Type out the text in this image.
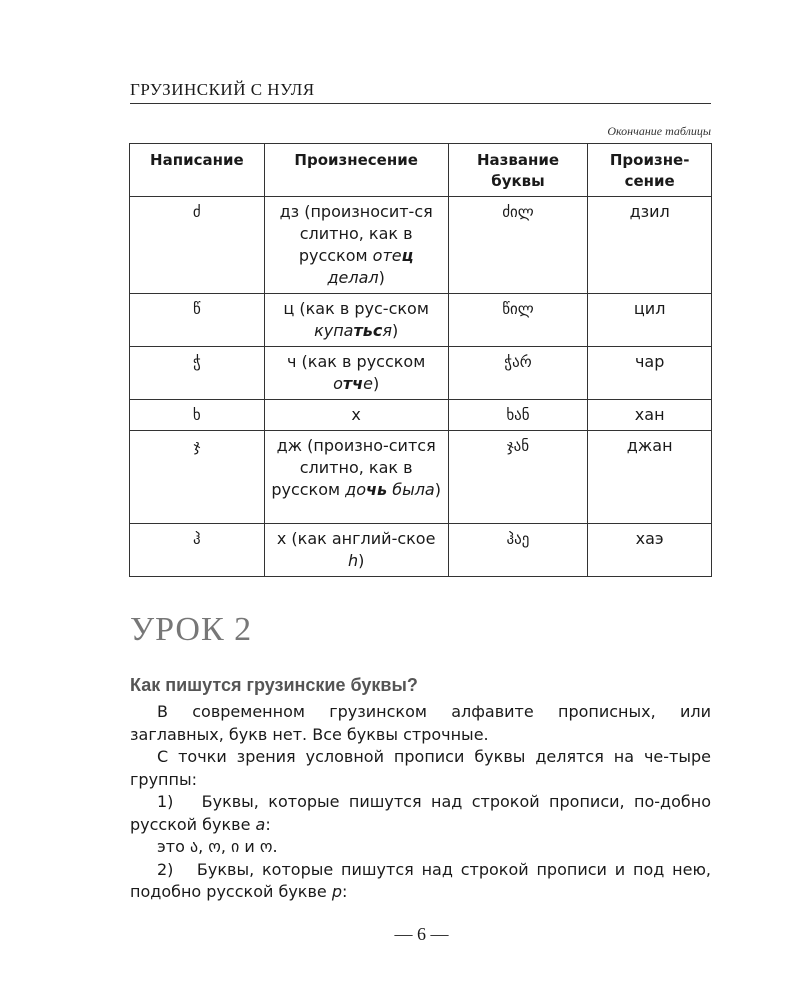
ГРУЗИНСКИЙ С НУЛЯ
Окончание таблицы
Написание	Произнесение	Название буквы	Произне-сение
ძ	дз (произносит-ся слитно, как в русском отец делал)	ძილ	дзил
წ	ц (как в рус-ском купаться)	წილ	цил
ჭ	ч (как в русском отче)	ჭარ	чар
ხ	х	ხან	хан
ჯ	дж (произно-сится слитно, как в русском дочь была)	ჯან	джан
ჰ	х (как англий-ское h)	ჰაე	хаэ
УРОК 2
Как пишутся грузинские буквы?

В современном грузинском алфавите прописных, или заглавных, букв нет. Все буквы строчные.

С точки зрения условной прописи буквы делятся на че-тыре группы:

1)   Буквы, которые пишутся над строкой прописи, по-добно русской букве а:

это ა, ო, ი и ო.

2)   Буквы, которые пишутся над строкой прописи и под нею, подобно русской букве р:

— 6 —
